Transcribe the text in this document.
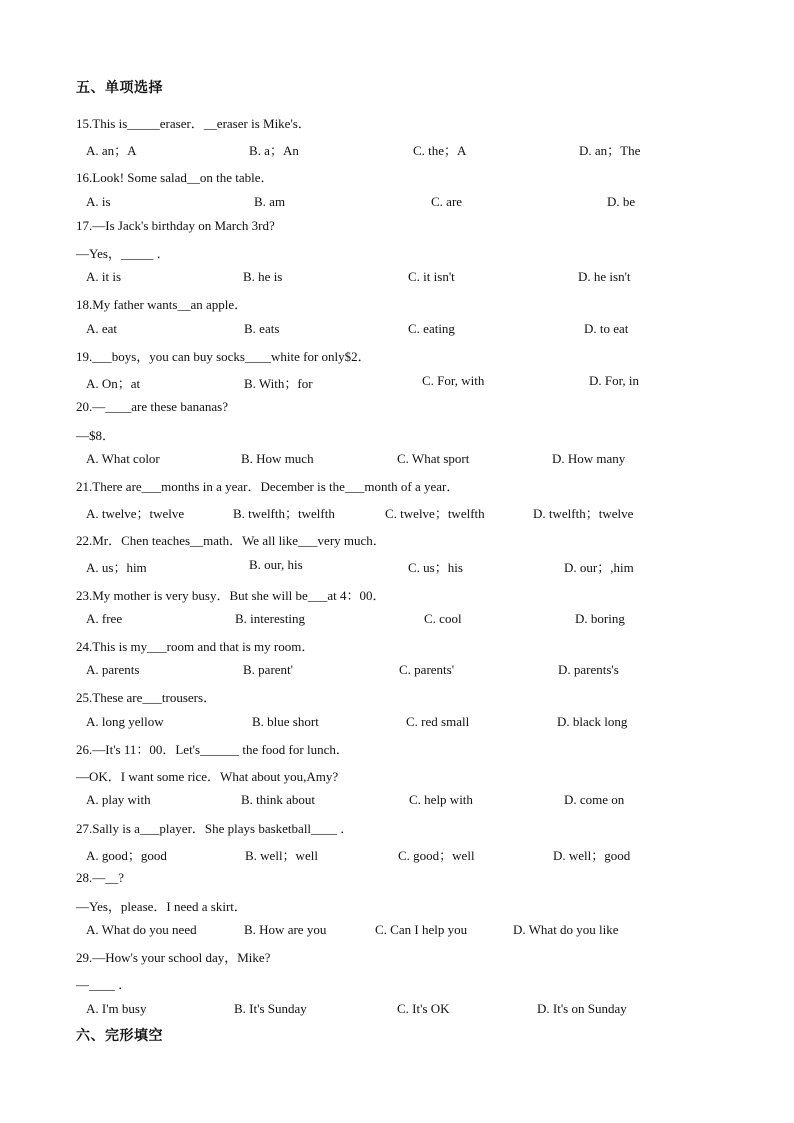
五、单项选择
15.This is_____eraser．__eraser is Mike's．
A. an；A	B. a；An	C. the；A	D. an；The
16.Look! Some salad__on the table．
A. is	B. am	C. are	D. be
17.—Is Jack's birthday on March 3rd?
—Yes，_____ ．
A. it is	B. he is	C. it isn't	D. he isn't
18.My father wants__an apple．
A. eat	B. eats	C. eating	D. to eat
19.___boys，you can buy socks____white for only$2．
A. On；at	B. With；for	C. For, with	D. For, in
20.—____are these bananas?
—$8．
A. What color	B. How much	C. What sport	D. How many
21.There are___months in a year．December is the___month of a year．
A. twelve；twelve	B. twelfth；twelfth	C. twelve；twelfth	D. twelfth；twelve
22.Mr．Chen teaches__math．We all like___very much．
A. us；him	B. our, his	C. us；his	D. our；,him
23.My mother is very busy．But she will be___at 4：00．
A. free	B. interesting	C. cool	D. boring
24.This is my___room and that is my room．
A. parents	B. parent'	C. parents'	D. parents's
25.These are___trousers．
A. long yellow	B. blue short	C. red small	D. black long
26.—It's 11：00．Let's______ the food for lunch．
—OK．I want some rice．What about you,Amy?
A. play with	B. think about	C. help with	D. come on
27.Sally is a___player．She plays basketball____ ．
A. good；good	B. well；well	C. good；well	D. well；good
28.—__?
—Yes，please．I need a skirt．
A. What do you need	B. How are you	C. Can I help you	D. What do you like
29.—How's your school day，Mike?
—____ ．
A. I'm busy	B. It's Sunday	C. It's OK	D. It's on Sunday
六、完形填空
